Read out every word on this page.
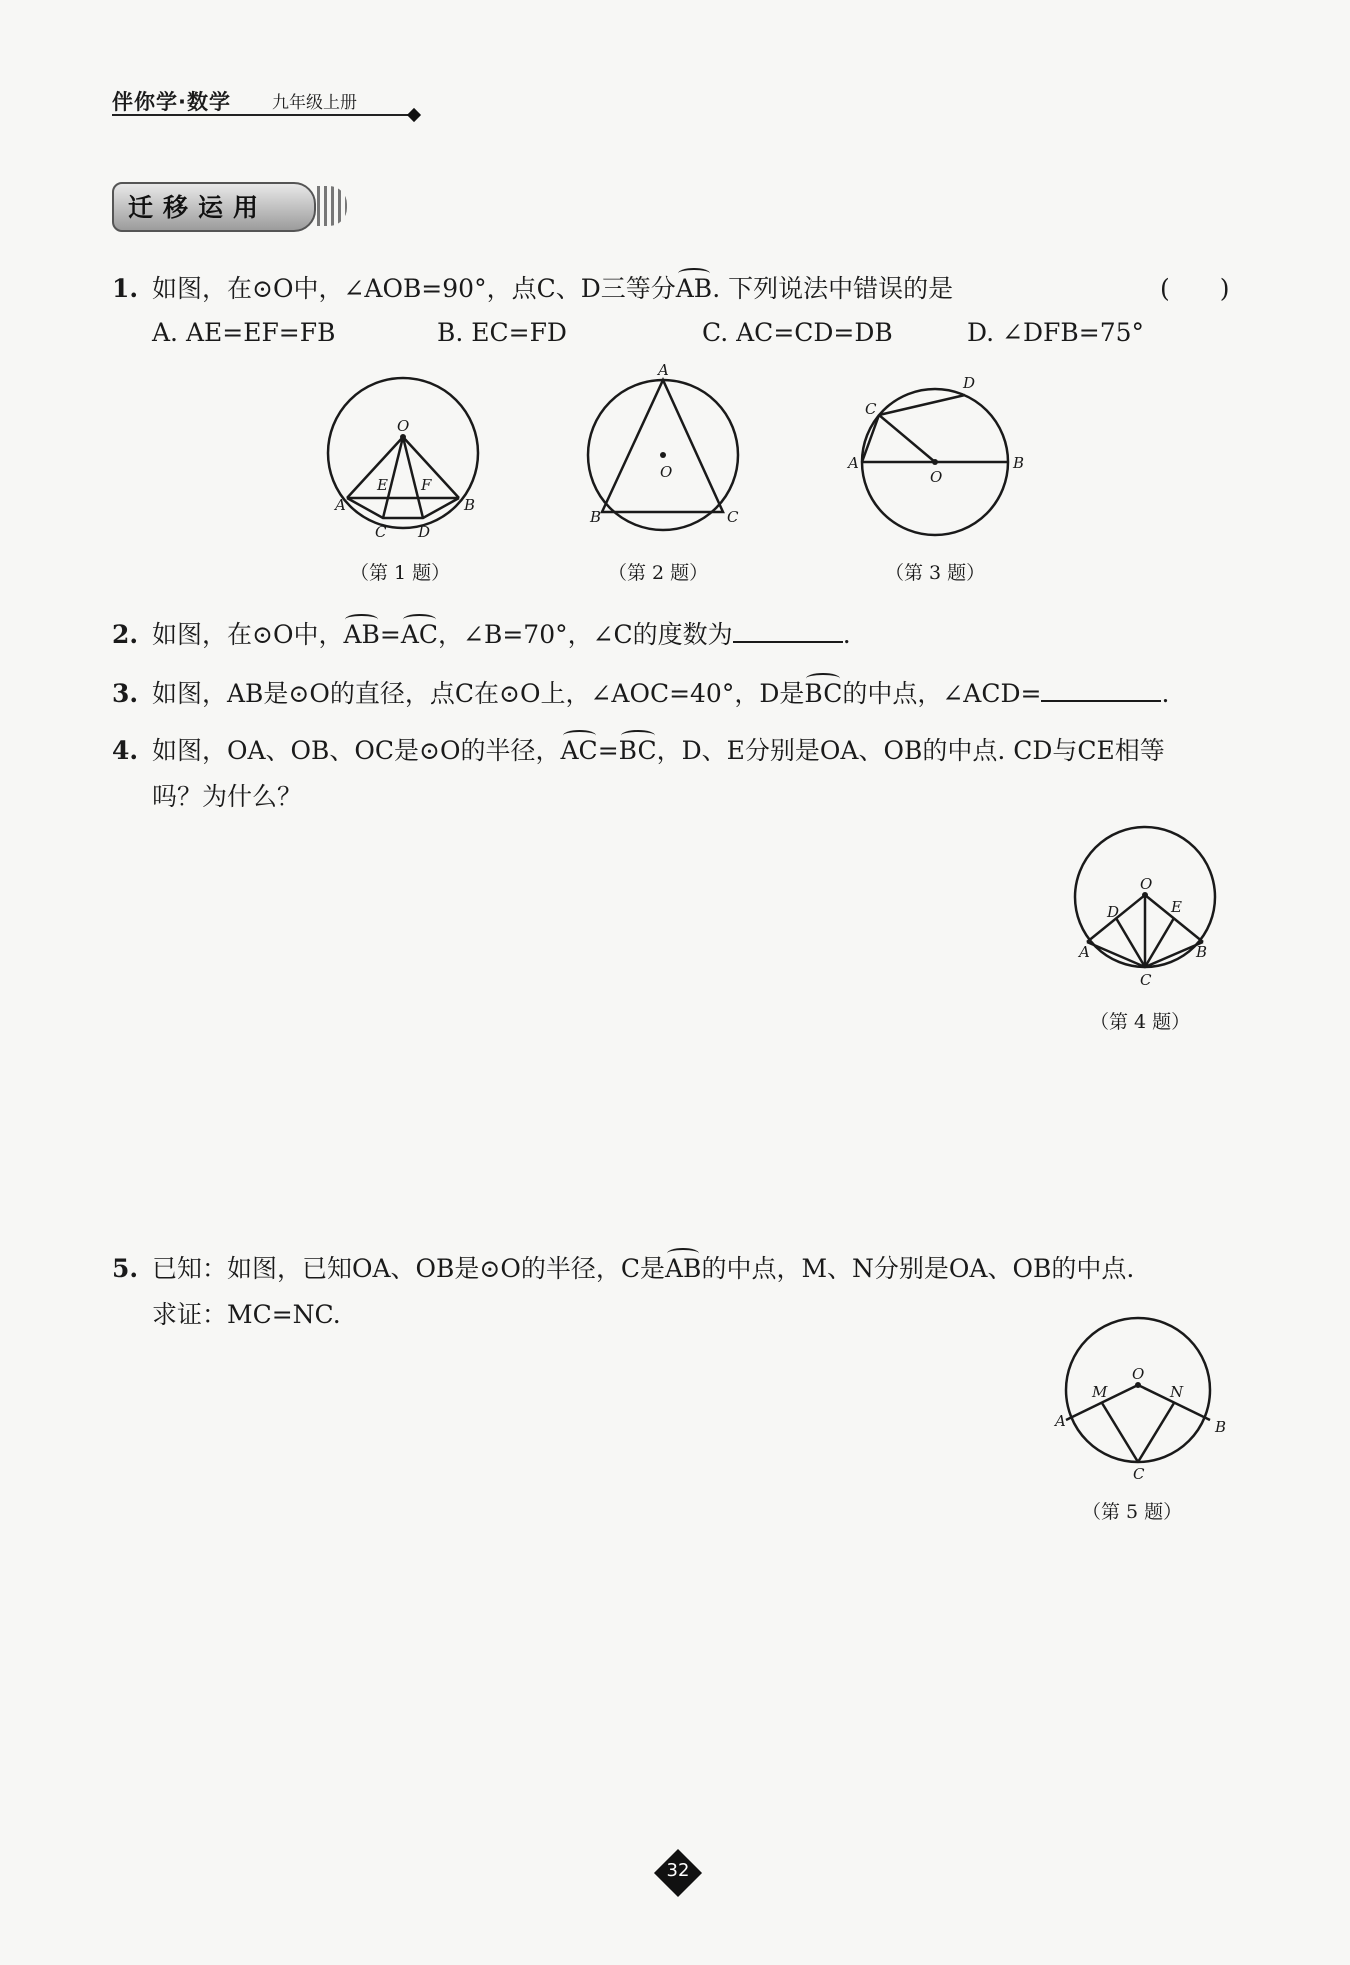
伴你学·数学 九年级上册
迁移运用
1. 如图，在⊙O中，∠AOB=90°，点C、D三等分AB. 下列说法中错误的是	(　　)
A. AE=EF=FB	B. EC=FD	C. AC=CD=DB	D. ∠DFB=75°
O
E F
A	B
C D
（第 1 题）
A
O
B	C
（第 2 题）
D
C
A
O
B
（第 3 题）
2. 如图，在⊙O中，AB=AC，∠B=70°，∠C的度数为	.
3. 如图，AB是⊙O的直径，点C在⊙O上，∠AOC=40°，D是BC的中点，∠ACD=	.
4. 如图，OA、OB、OC是⊙O的半径，AC=BC，D、E分别是OA、OB的中点. CD与CE相等
吗？为什么？
O
D	E
A	B
C
（第 4 题）
5. 已知：如图，已知OA、OB是⊙O的半径，C是AB的中点，M、N分别是OA、OB的中点.
求证：MC=NC.
O
M	N
A	B
C
（第 5 题）
32
